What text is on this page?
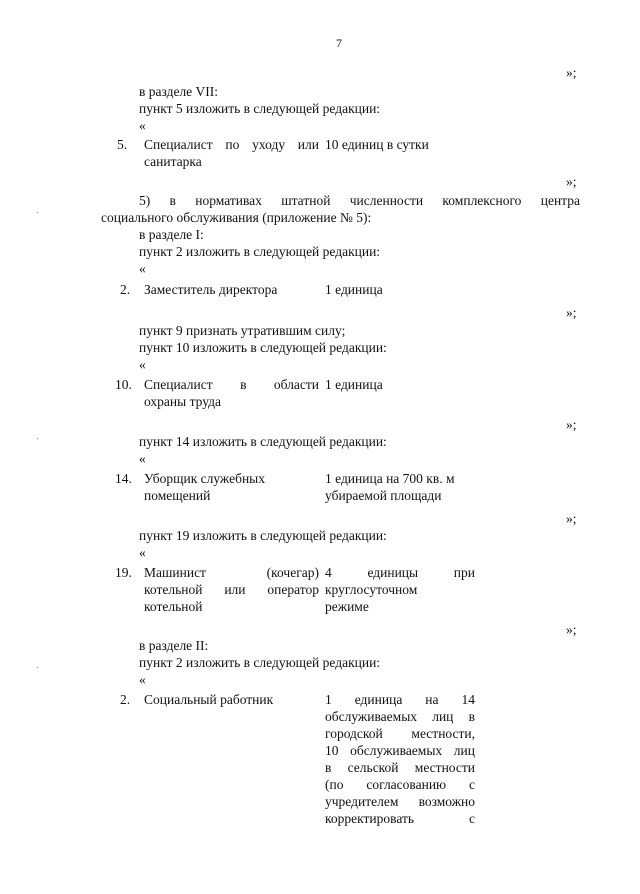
7
»;
в разделе VII:
пункт 5 изложить в следующей редакции:
«
5. Специалист по уходу или
санитарка
10 единиц в сутки
»;
5) в нормативах штатной численности комплексного центра
социального обслуживания (приложение № 5):
в разделе I:
пункт 2 изложить в следующей редакции:
«
2. Заместитель директора	1 единица
»;
пункт 9 признать утратившим силу;
пункт 10 изложить в следующей редакции:
«
10. Специалист в области
охраны труда
1 единица
»;
пункт 14 изложить в следующей редакции:
«
14. Уборщик служебных
помещений
1 единица на 700 кв. м
убираемой площади
»;
пункт 19 изложить в следующей редакции:
«
19. Машинист (кочегар)
котельной или оператор
котельной
4 единицы при
круглосуточном
режиме
»;
в разделе II:
пункт 2 изложить в следующей редакции:
«
2. Социальный работник	1 единица на 14
обслуживаемых лиц в
городской местности,
10 обслуживаемых лиц
в сельской местности
(по согласованию с
учредителем возможно
корректировать с
